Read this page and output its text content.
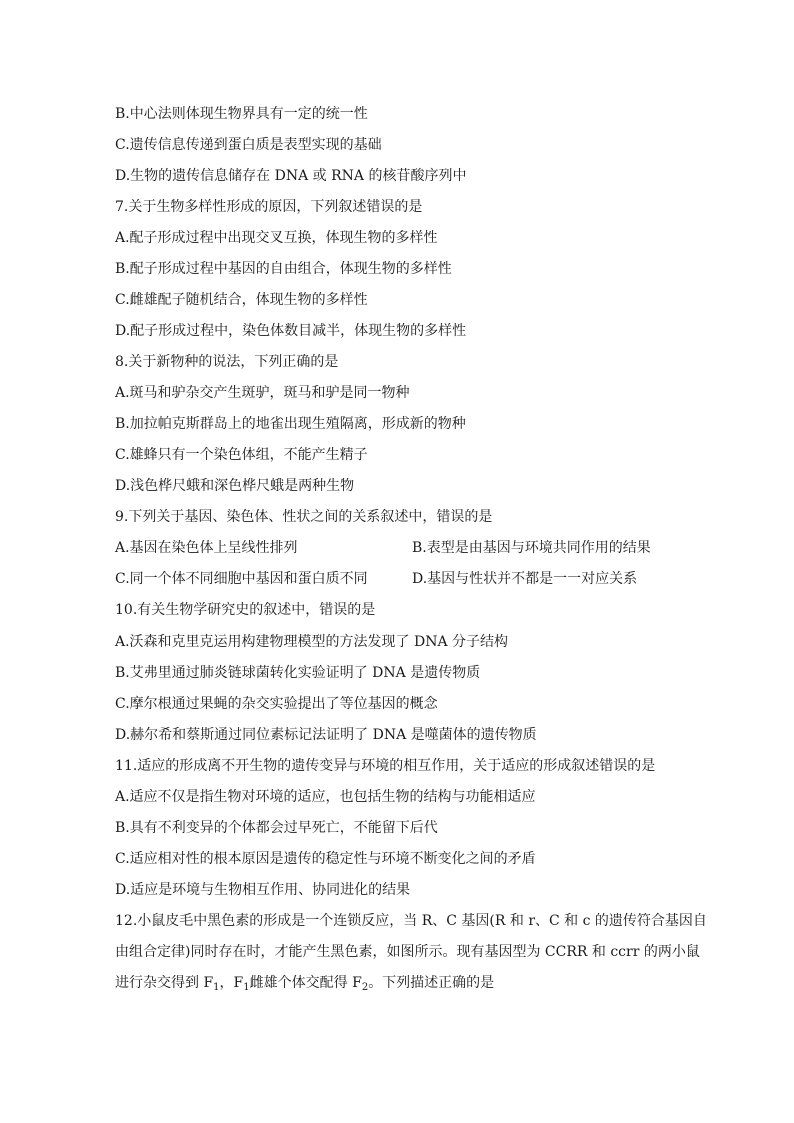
B.中心法则体现生物界具有一定的统一性
C.遗传信息传递到蛋白质是表型实现的基础
D.生物的遗传信息储存在 DNA 或 RNA 的核苷酸序列中
7.关于生物多样性形成的原因，下列叙述错误的是
A.配子形成过程中出现交叉互换，体现生物的多样性
B.配子形成过程中基因的自由组合，体现生物的多样性
C.雌雄配子随机结合，体现生物的多样性
D.配子形成过程中，染色体数目减半，体现生物的多样性
8.关于新物种的说法，下列正确的是
A.斑马和驴杂交产生斑驴，斑马和驴是同一物种
B.加拉帕克斯群岛上的地雀出现生殖隔离，形成新的物种
C.雄蜂只有一个染色体组，不能产生精子
D.浅色桦尺蛾和深色桦尺蛾是两种生物
9.下列关于基因、染色体、性状之间的关系叙述中，错误的是
A.基因在染色体上呈线性排列	B.表型是由基因与环境共同作用的结果
C.同一个体不同细胞中基因和蛋白质不同	D.基因与性状并不都是一一对应关系
10.有关生物学研究史的叙述中，错误的是
A.沃森和克里克运用构建物理模型的方法发现了 DNA 分子结构
B.艾弗里通过肺炎链球菌转化实验证明了 DNA 是遗传物质
C.摩尔根通过果蝇的杂交实验提出了等位基因的概念
D.赫尔希和蔡斯通过同位素标记法证明了 DNA 是噬菌体的遗传物质
11.适应的形成离不开生物的遗传变异与环境的相互作用，关于适应的形成叙述错误的是
A.适应不仅是指生物对环境的适应，也包括生物的结构与功能相适应
B.具有不利变异的个体都会过早死亡，不能留下后代
C.适应相对性的根本原因是遗传的稳定性与环境不断变化之间的矛盾
D.适应是环境与生物相互作用、协同进化的结果
12.小鼠皮毛中黑色素的形成是一个连锁反应，当 R、C 基因(R 和 r、C 和 c 的遗传符合基因自
由组合定律)同时存在时，才能产生黑色素，如图所示。现有基因型为 CCRR 和 ccrr 的两小鼠
进行杂交得到 $F_1$，$F_1$雌雄个体交配得 $F_2$。下列描述正确的是
